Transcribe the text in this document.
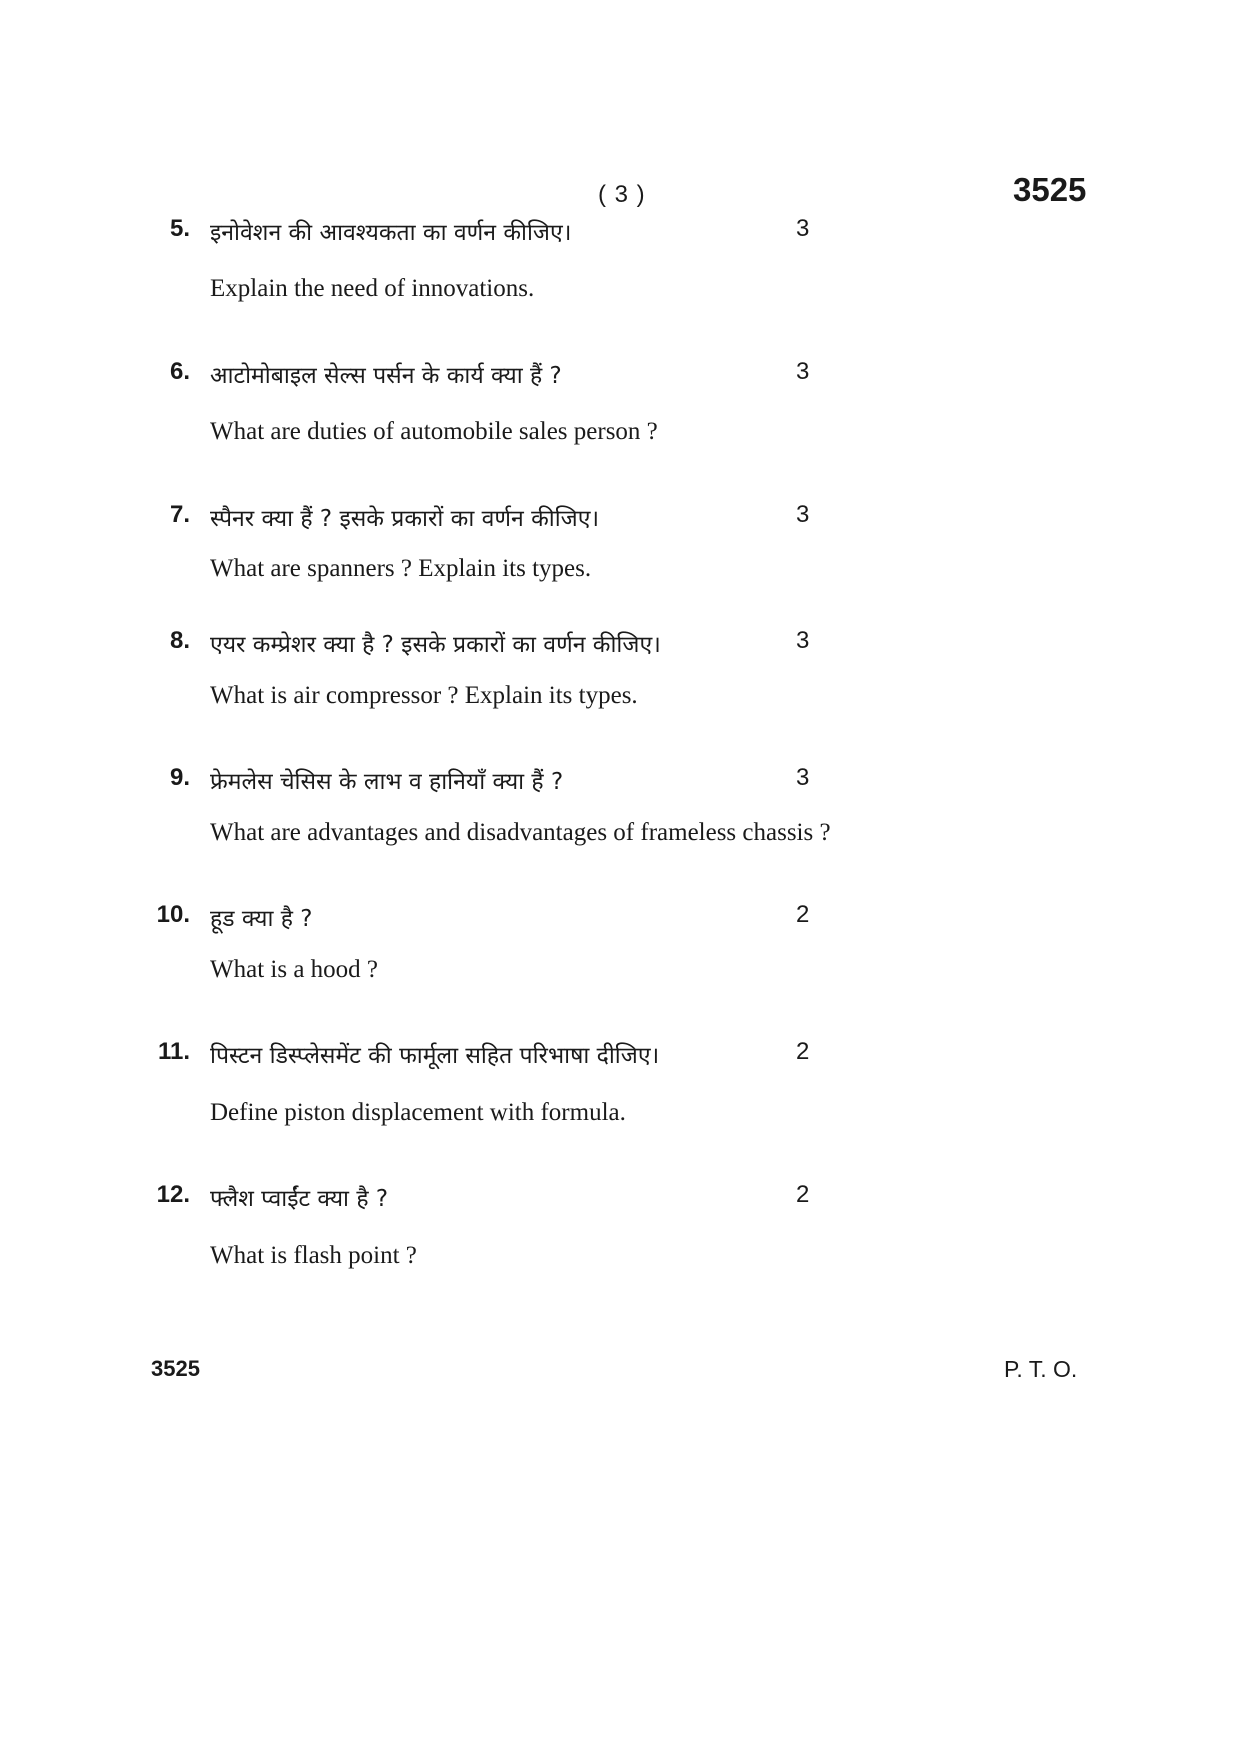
( 3 )	3525
5. इनोवेशन की आवश्यकता का वर्णन कीजिए।	3
Explain the need of innovations.
6. आटोमोबाइल सेल्स पर्सन के कार्य क्या हैं ?	3
What are duties of automobile sales person ?
7. स्पैनर क्या हैं ? इसके प्रकारों का वर्णन कीजिए।	3
What are spanners ? Explain its types.
8. एयर कम्प्रेशर क्या है ? इसके प्रकारों का वर्णन कीजिए।	3
What is air compressor ? Explain its types.
9. फ्रेमलेस चेसिस के लाभ व हानियाँ क्या हैं ?	3
What are advantages and disadvantages of frameless chassis ?
10. हूड क्या है ?	2
What is a hood ?
11. पिस्टन डिस्प्लेसमेंट की फार्मूला सहित परिभाषा दीजिए।	2
Define piston displacement with formula.
12. फ्लैश प्वाईंट क्या है ?	2
What is flash point ?
3525	P. T. O.
